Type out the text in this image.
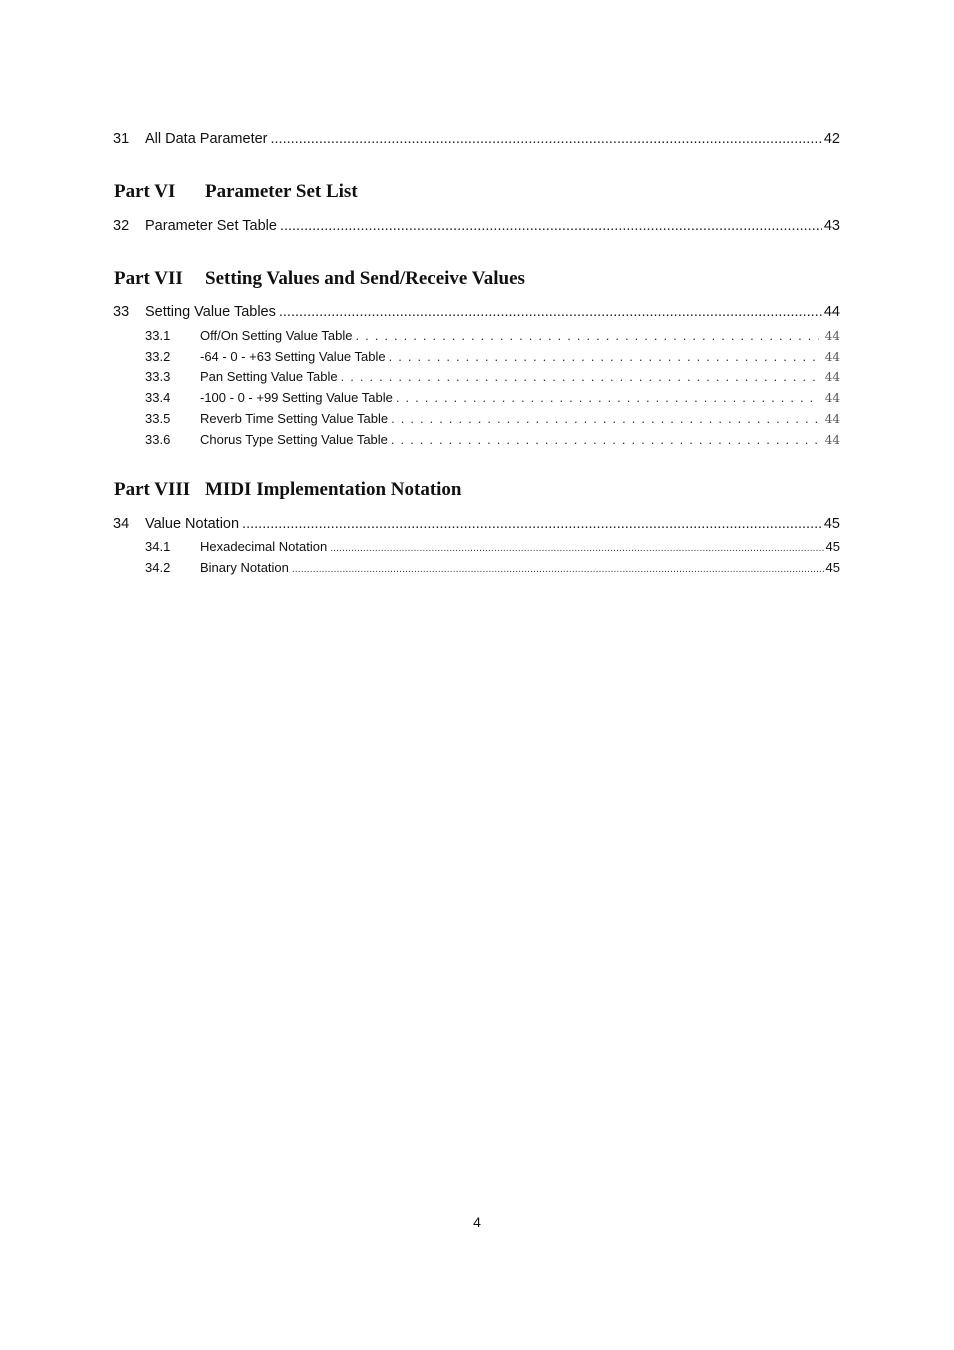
31	All Data Parameter .....	42
Part VI Parameter Set List
32	Parameter Set Table .....	43
Part VII Setting Values and Send/Receive Values
33	Setting Value Tables .....	44
33.1	Off/On Setting Value Table . . .	44
33.2	-64 - 0 - +63 Setting Value Table . . .	44
33.3	Pan Setting Value Table . . .	44
33.4	-100 - 0 - +99 Setting Value Table . . .	44
33.5	Reverb Time Setting Value Table . . .	44
33.6	Chorus Type Setting Value Table . . .	44
Part VIII MIDI Implementation Notation
34	Value Notation .....	45
34.1	Hexadecimal Notation .....	45
34.2	Binary Notation .....	45
4
